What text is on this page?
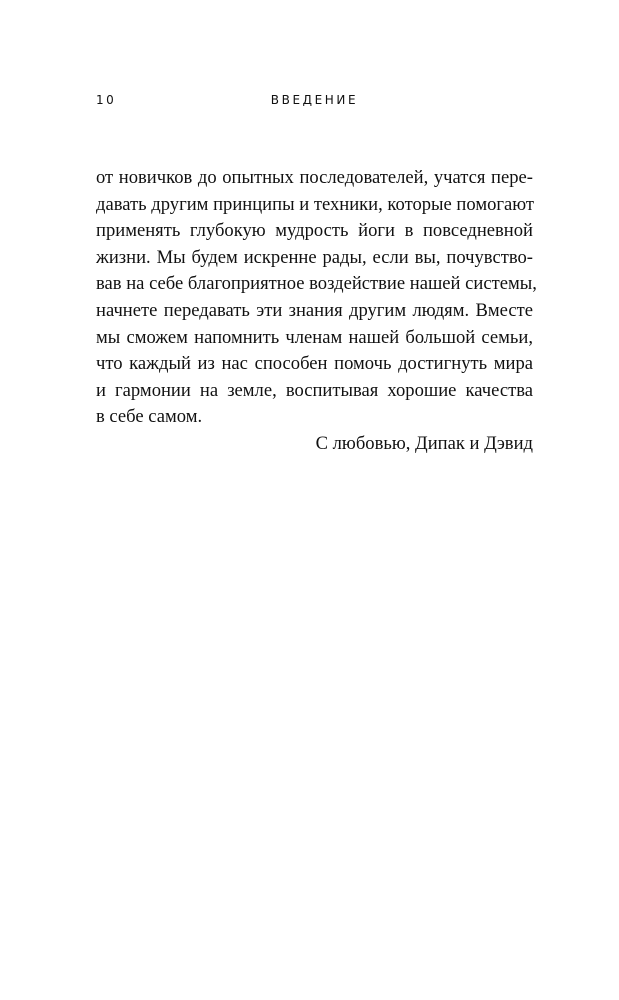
10	ВВЕДЕНИЕ
от новичков до опытных последователей, учатся пере-
давать другим принципы и техники, которые помогают
применять глубокую мудрость йоги в повседневной
жизни. Мы будем искренне рады, если вы, почувство-
вав на себе благоприятное воздействие нашей системы,
начнете передавать эти знания другим людям. Вместе
мы сможем напомнить членам нашей большой семьи,
что каждый из нас способен помочь достигнуть мира
и гармонии на земле, воспитывая хорошие качества
в себе самом.
С любовью, Дипак и Дэвид
